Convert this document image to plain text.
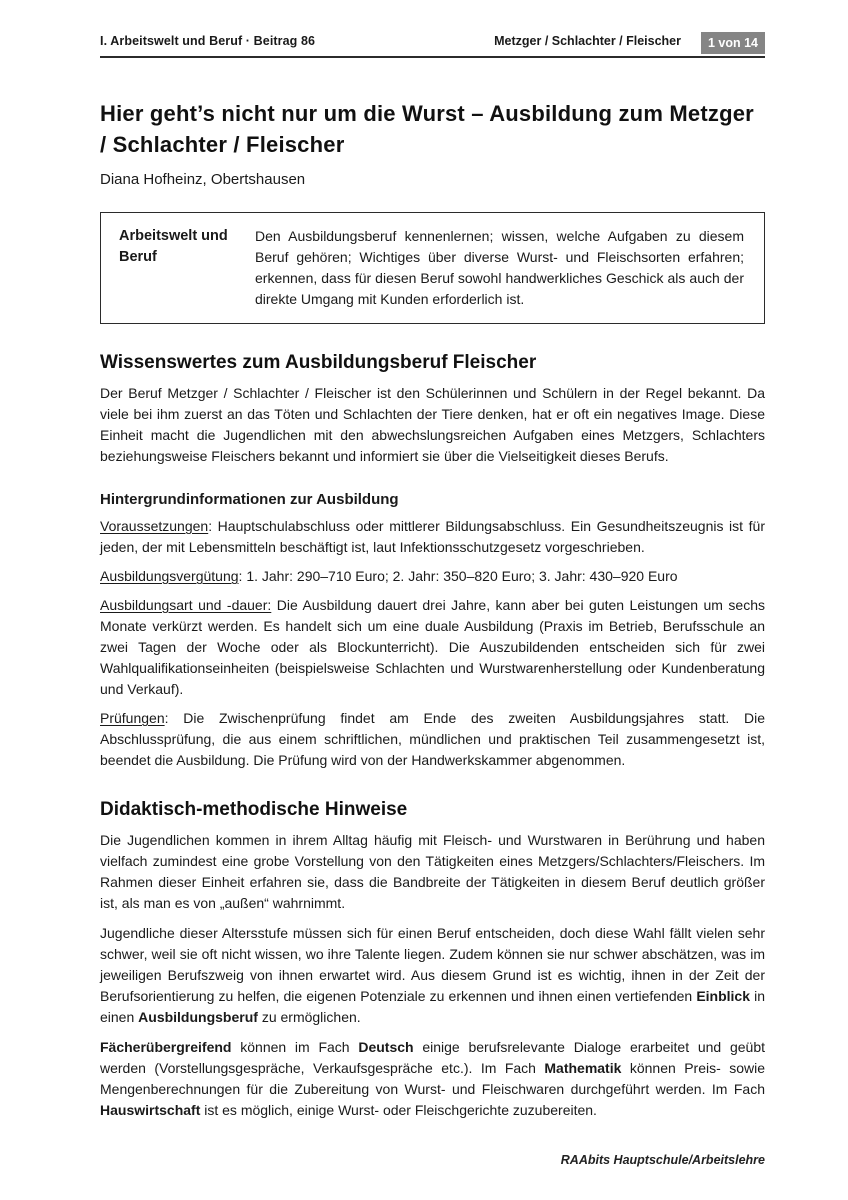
I. Arbeitswelt und Beruf · Beitrag 86	Metzger / Schlachter / Fleischer	1 von 14
Hier geht’s nicht nur um die Wurst – Ausbildung zum Metzger / Schlachter / Fleischer
Diana Hofheinz, Obertshausen
Arbeitswelt und Beruf
Den Ausbildungsberuf kennenlernen; wissen, welche Aufgaben zu diesem Beruf gehören; Wichtiges über diverse Wurst- und Fleischsorten erfahren; erkennen, dass für diesen Beruf sowohl handwerkliches Geschick als auch der direkte Umgang mit Kunden erforderlich ist.
Wissenswertes zum Ausbildungsberuf Fleischer

Der Beruf Metzger / Schlachter / Fleischer ist den Schülerinnen und Schülern in der Regel bekannt. Da viele bei ihm zuerst an das Töten und Schlachten der Tiere denken, hat er oft ein negatives Image. Diese Einheit macht die Jugendlichen mit den abwechslungsreichen Aufgaben eines Metzgers, Schlachters beziehungsweise Fleischers bekannt und informiert sie über die Vielseitigkeit dieses Berufs.

Hintergrundinformationen zur Ausbildung

Voraussetzungen: Hauptschulabschluss oder mittlerer Bildungsabschluss. Ein Gesundheitszeugnis ist für jeden, der mit Lebensmitteln beschäftigt ist, laut Infektionsschutzgesetz vorgeschrieben.

Ausbildungsvergütung: 1. Jahr: 290–710 Euro; 2. Jahr: 350–820 Euro; 3. Jahr: 430–920 Euro

Ausbildungsart und -dauer: Die Ausbildung dauert drei Jahre, kann aber bei guten Leistungen um sechs Monate verkürzt werden. Es handelt sich um eine duale Ausbildung (Praxis im Betrieb, Berufsschule an zwei Tagen der Woche oder als Blockunterricht). Die Auszubildenden entscheiden sich für zwei Wahlqualifikationseinheiten (beispielsweise Schlachten und Wurstwarenherstellung oder Kundenberatung und Verkauf).

Prüfungen: Die Zwischenprüfung findet am Ende des zweiten Ausbildungsjahres statt. Die Abschlussprüfung, die aus einem schriftlichen, mündlichen und praktischen Teil zusammengesetzt ist, beendet die Ausbildung. Die Prüfung wird von der Handwerkskammer abgenommen.

Didaktisch-methodische Hinweise

Die Jugendlichen kommen in ihrem Alltag häufig mit Fleisch- und Wurstwaren in Berührung und haben vielfach zumindest eine grobe Vorstellung von den Tätigkeiten eines Metzgers/Schlachters/Fleischers. Im Rahmen dieser Einheit erfahren sie, dass die Bandbreite der Tätigkeiten in diesem Beruf deutlich größer ist, als man es von „außen“ wahrnimmt.

Jugendliche dieser Altersstufe müssen sich für einen Beruf entscheiden, doch diese Wahl fällt vielen sehr schwer, weil sie oft nicht wissen, wo ihre Talente liegen. Zudem können sie nur schwer abschätzen, was im jeweiligen Berufszweig von ihnen erwartet wird. Aus diesem Grund ist es wichtig, ihnen in der Zeit der Berufsorientierung zu helfen, die eigenen Potenziale zu erkennen und ihnen einen vertiefenden Einblick in einen Ausbildungsberuf zu ermöglichen.

Fächerübergreifend können im Fach Deutsch einige berufsrelevante Dialoge erarbeitet und geübt werden (Vorstellungsgespräche, Verkaufsgespräche etc.). Im Fach Mathematik können Preis- sowie Mengenberechnungen für die Zubereitung von Wurst- und Fleischwaren durchgeführt werden. Im Fach Hauswirtschaft ist es möglich, einige Wurst- oder Fleischgerichte zuzubereiten.

RAAbits Hauptschule/Arbeitslehre
